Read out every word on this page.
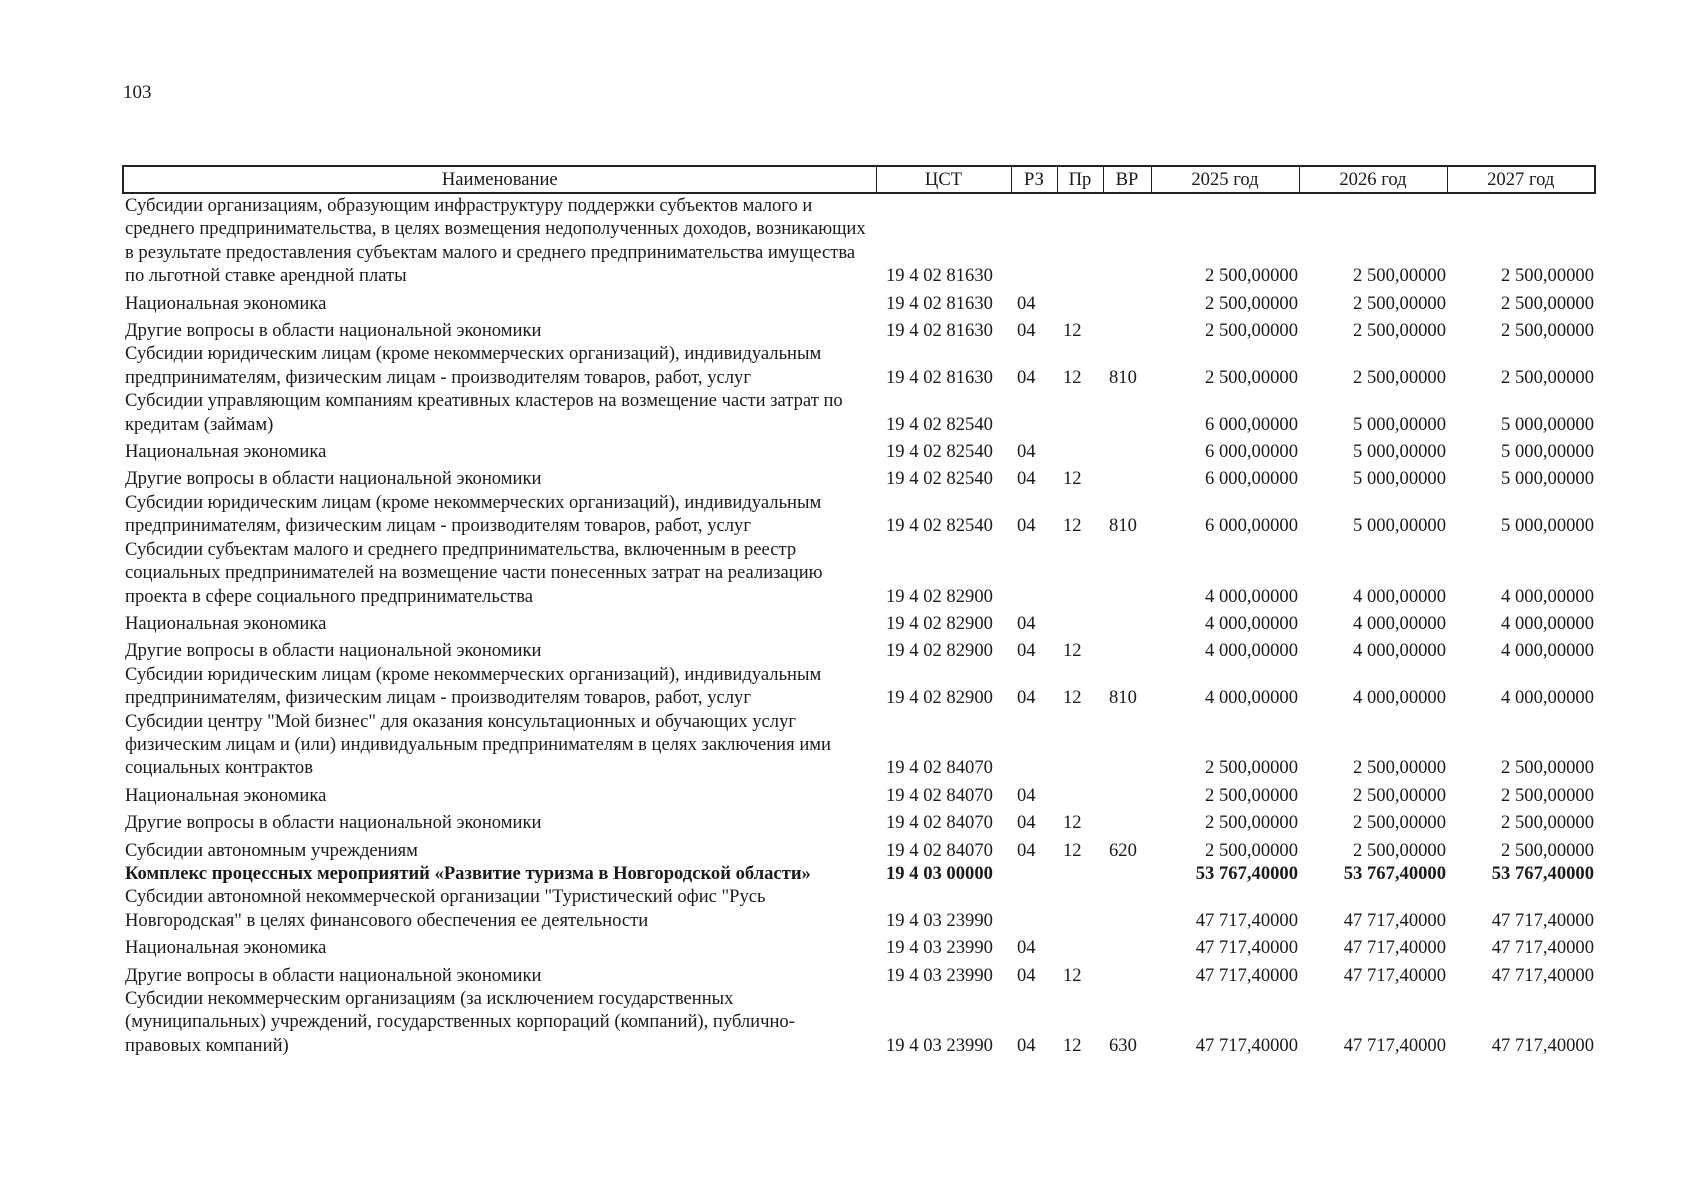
103
Наименование	ЦСТ	РЗ	Пр	ВР	2025 год	2026 год	2027 год
Субсидии организациям, образующим инфраструктуру поддержки субъектов малого и среднего предпринимательства, в целях возмещения недополученных доходов, возникающих в результате предоставления субъектам малого и среднего предпринимательства имущества по льготной ставке арендной платы	19 4 02 81630				2 500,00000	2 500,00000	2 500,00000
Национальная экономика	19 4 02 81630	04			2 500,00000	2 500,00000	2 500,00000
Другие вопросы в области национальной экономики	19 4 02 81630	04	12		2 500,00000	2 500,00000	2 500,00000
Субсидии юридическим лицам (кроме некоммерческих организаций), индивидуальным предпринимателям, физическим лицам - производителям товаров, работ, услуг	19 4 02 81630	04	12	810	2 500,00000	2 500,00000	2 500,00000
Субсидии управляющим компаниям креативных кластеров на возмещение части затрат по кредитам (займам)	19 4 02 82540				6 000,00000	5 000,00000	5 000,00000
Национальная экономика	19 4 02 82540	04			6 000,00000	5 000,00000	5 000,00000
Другие вопросы в области национальной экономики	19 4 02 82540	04	12		6 000,00000	5 000,00000	5 000,00000
Субсидии юридическим лицам (кроме некоммерческих организаций), индивидуальным предпринимателям, физическим лицам - производителям товаров, работ, услуг	19 4 02 82540	04	12	810	6 000,00000	5 000,00000	5 000,00000
Субсидии субъектам малого и среднего предпринимательства, включенным в реестр социальных предпринимателей на возмещение части понесенных затрат на реализацию проекта в сфере социального предпринимательства	19 4 02 82900				4 000,00000	4 000,00000	4 000,00000
Национальная экономика	19 4 02 82900	04			4 000,00000	4 000,00000	4 000,00000
Другие вопросы в области национальной экономики	19 4 02 82900	04	12		4 000,00000	4 000,00000	4 000,00000
Субсидии юридическим лицам (кроме некоммерческих организаций), индивидуальным предпринимателям, физическим лицам - производителям товаров, работ, услуг	19 4 02 82900	04	12	810	4 000,00000	4 000,00000	4 000,00000
Субсидии центру "Мой бизнес" для оказания консультационных и обучающих услуг физическим лицам и (или) индивидуальным предпринимателям в целях заключения ими социальных контрактов	19 4 02 84070				2 500,00000	2 500,00000	2 500,00000
Национальная экономика	19 4 02 84070	04			2 500,00000	2 500,00000	2 500,00000
Другие вопросы в области национальной экономики	19 4 02 84070	04	12		2 500,00000	2 500,00000	2 500,00000
Субсидии автономным учреждениям	19 4 02 84070	04	12	620	2 500,00000	2 500,00000	2 500,00000
Комплекс процессных мероприятий «Развитие туризма в Новгородской области»	19 4 03 00000				53 767,40000	53 767,40000	53 767,40000
Субсидии автономной некоммерческой организации "Туристический офис "Русь Новгородская" в целях финансового обеспечения ее деятельности	19 4 03 23990				47 717,40000	47 717,40000	47 717,40000
Национальная экономика	19 4 03 23990	04			47 717,40000	47 717,40000	47 717,40000
Другие вопросы в области национальной экономики	19 4 03 23990	04	12		47 717,40000	47 717,40000	47 717,40000
Субсидии некоммерческим организациям (за исключением государственных (муниципальных) учреждений, государственных корпораций (компаний), публично-правовых компаний)	19 4 03 23990	04	12	630	47 717,40000	47 717,40000	47 717,40000
